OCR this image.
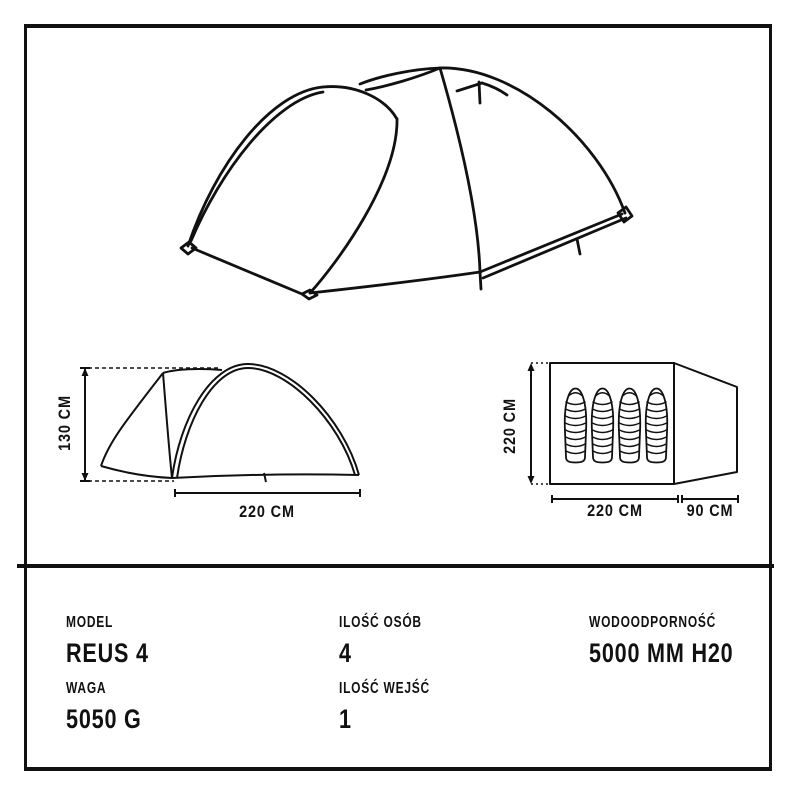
130 CM
220 CM
220 CM
220 CM	90 CM
MODEL
REUS 4
WAGA
5050 G
ILOŚĆ OSÓB
4
ILOŚĆ WEJŚĆ
1
WODOODPORNOŚĆ
5000 MM H20
